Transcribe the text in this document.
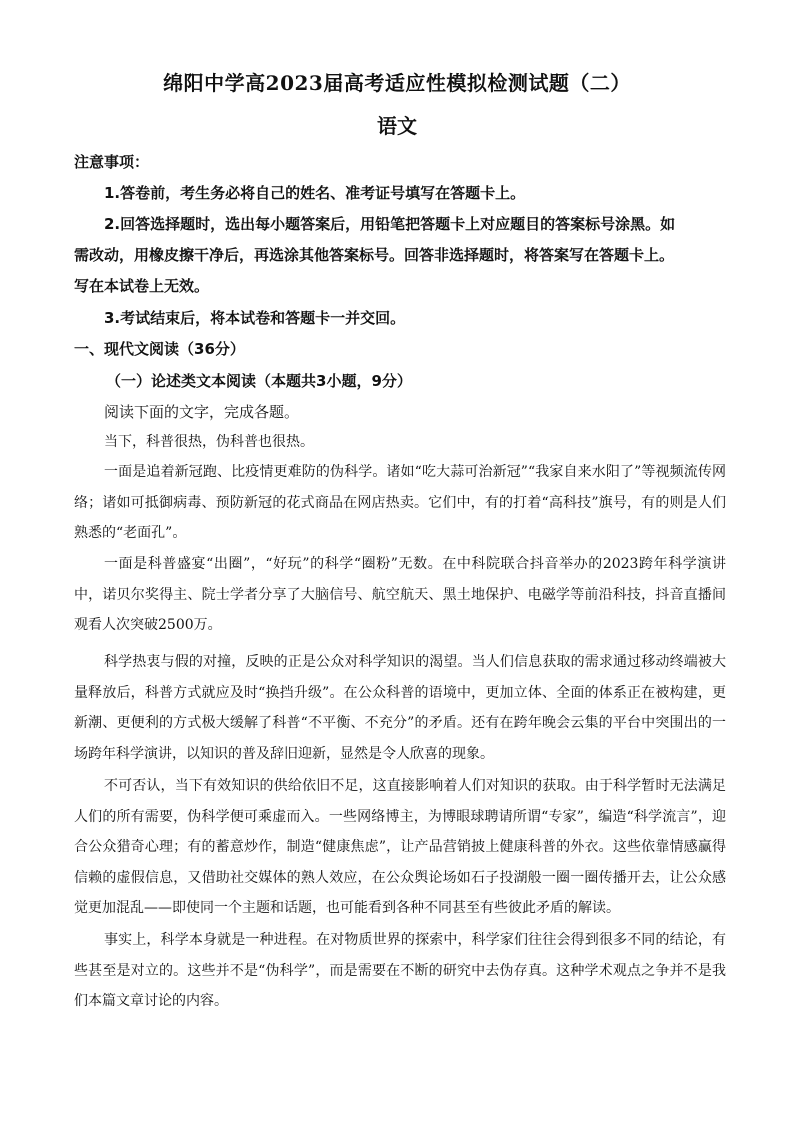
绵阳中学高2023届高考适应性模拟检测试题（二）
语文

注意事项：

1.答卷前，考生务必将自己的姓名、准考证号填写在答题卡上。

2.回答选择题时，选出每小题答案后，用铅笔把答题卡上对应题目的答案标号涂黑。如

需改动，用橡皮擦干净后，再选涂其他答案标号。回答非选择题时，将答案写在答题卡上。

写在本试卷上无效。

3.考试结束后，将本试卷和答题卡一并交回。

一、现代文阅读（36分）

（一）论述类文本阅读（本题共3小题，9分）

阅读下面的文字，完成各题。

当下，科普很热，伪科普也很热。

一面是追着新冠跑、比疫情更难防的伪科学。诸如“吃大蒜可治新冠”“我家自来水阳了”等视频流传网络；诸如可抵御病毒、预防新冠的花式商品在网店热卖。它们中，有的打着“高科技”旗号，有的则是人们熟悉的“老面孔”。

一面是科普盛宴“出圈”，“好玩”的科学“圈粉”无数。在中科院联合抖音举办的2023跨年科学演讲中，诺贝尔奖得主、院士学者分享了大脑信号、航空航天、黑土地保护、电磁学等前沿科技，抖音直播间观看人次突破2500万。

科学热衷与假的对撞，反映的正是公众对科学知识的渴望。当人们信息获取的需求通过移动终端被大量释放后，科普方式就应及时“换挡升级”。在公众科普的语境中，更加立体、全面的体系正在被构建，更新潮、更便利的方式极大缓解了科普“不平衡、不充分”的矛盾。还有在跨年晚会云集的平台中突围出的一场跨年科学演讲，以知识的普及辞旧迎新，显然是令人欣喜的现象。

不可否认，当下有效知识的供给依旧不足，这直接影响着人们对知识的获取。由于科学暂时无法满足人们的所有需要，伪科学便可乘虚而入。一些网络博主，为博眼球聘请所谓“专家”，编造“科学流言”，迎合公众猎奇心理；有的蓄意炒作，制造“健康焦虑”，让产品营销披上健康科普的外衣。这些依靠情感赢得信赖的虚假信息，又借助社交媒体的熟人效应，在公众舆论场如石子投湖般一圈一圈传播开去，让公众感觉更加混乱——即使同一个主题和话题，也可能看到各种不同甚至有些彼此矛盾的解读。

事实上，科学本身就是一种进程。在对物质世界的探索中，科学家们往往会得到很多不同的结论，有些甚至是对立的。这些并不是“伪科学”，而是需要在不断的研究中去伪存真。这种学术观点之争并不是我们本篇文章讨论的内容。
